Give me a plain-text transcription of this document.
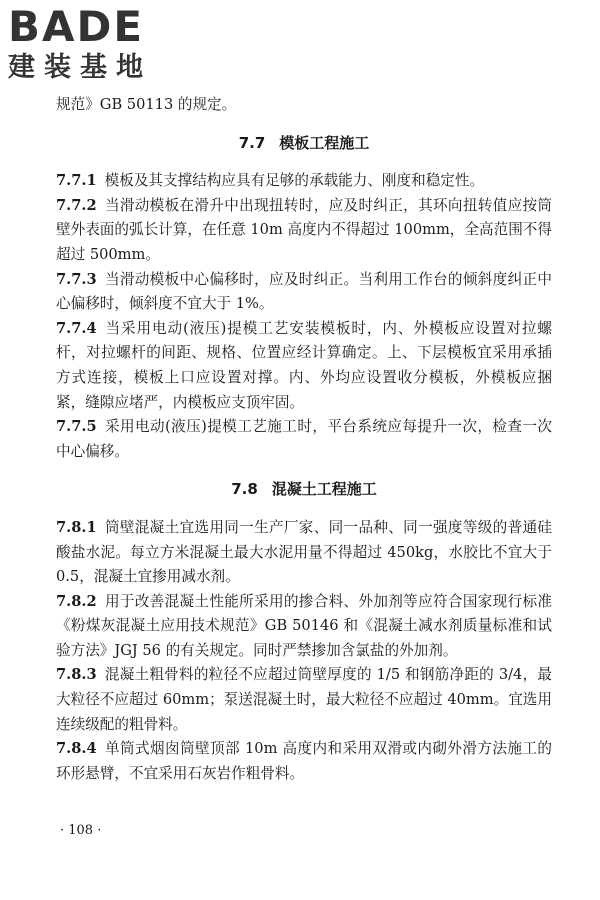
BADE
建装基地

规范》GB 50113 的规定。

7.7 模板工程施工

7.7.1 模板及其支撑结构应具有足够的承载能力、刚度和稳定性。

7.7.2 当滑动模板在滑升中出现扭转时，应及时纠正，其环向扭转值应按筒壁外表面的弧长计算，在任意 10m 高度内不得超过 100mm，全高范围不得超过 500mm。

7.7.3 当滑动模板中心偏移时，应及时纠正。当利用工作台的倾斜度纠正中心偏移时，倾斜度不宜大于 1%。

7.7.4 当采用电动(液压)提模工艺安装模板时，内、外模板应设置对拉螺杆，对拉螺杆的间距、规格、位置应经计算确定。上、下层模板宜采用承插方式连接，模板上口应设置对撑。内、外均应设置收分模板，外模板应捆紧，缝隙应堵严，内模板应支顶牢固。

7.7.5 采用电动(液压)提模工艺施工时，平台系统应每提升一次，检查一次中心偏移。

7.8 混凝土工程施工

7.8.1 筒壁混凝土宜选用同一生产厂家、同一品种、同一强度等级的普通硅酸盐水泥。每立方米混凝土最大水泥用量不得超过 450kg，水胶比不宜大于 0.5，混凝土宜掺用减水剂。

7.8.2 用于改善混凝土性能所采用的掺合料、外加剂等应符合国家现行标准《粉煤灰混凝土应用技术规范》GB 50146 和《混凝土减水剂质量标准和试验方法》JGJ 56 的有关规定。同时严禁掺加含氯盐的外加剂。

7.8.3 混凝土粗骨料的粒径不应超过筒壁厚度的 1/5 和钢筋净距的 3/4，最大粒径不应超过 60mm；泵送混凝土时，最大粒径不应超过 40mm。宜选用连续级配的粗骨料。

7.8.4 单筒式烟囱筒壁顶部 10m 高度内和采用双滑或内砌外滑方法施工的环形悬臂，不宜采用石灰岩作粗骨料。

· 108 ·
